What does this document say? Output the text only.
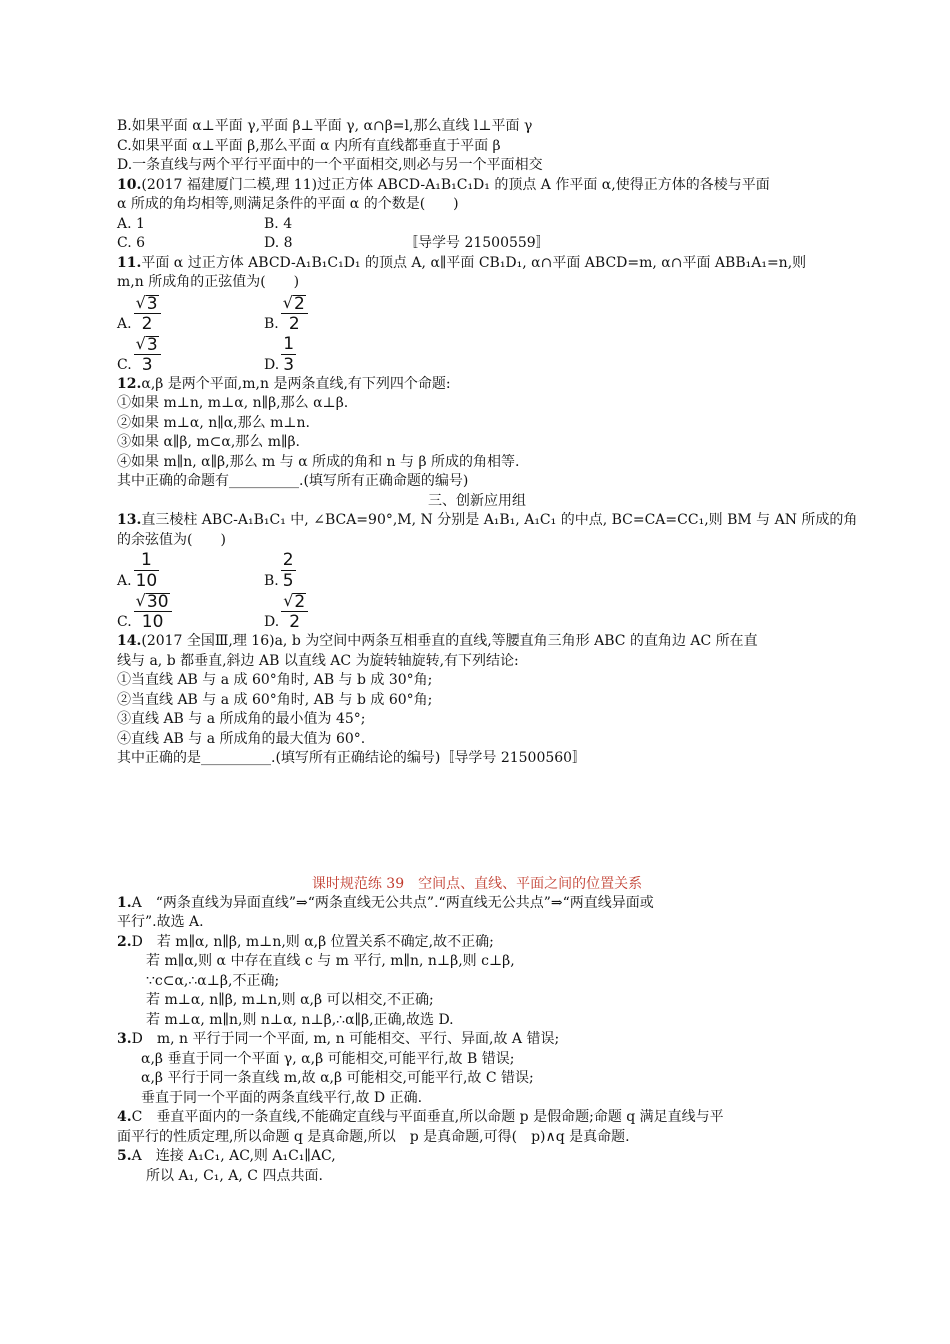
B.如果平面 α⊥平面 γ,平面 β⊥平面 γ, α∩β=l,那么直线 l⊥平面 γ
C.如果平面 α⊥平面 β,那么平面 α 内所有直线都垂直于平面 β
D.一条直线与两个平行平面中的一个平面相交,则必与另一个平面相交
10.(2017 福建厦门二模,理 11)过正方体 ABCD-A₁B₁C₁D₁ 的顶点 A 作平面 α,使得正方体的各棱与平面
α 所成的角均相等,则满足条件的平面 α 的个数是(　　)
A. 1	B. 4
C. 6	D. 8	〚导学号 21500559〛
11.平面 α 过正方体 ABCD-A₁B₁C₁D₁ 的顶点 A, α∥平面 CB₁D₁, α∩平面 ABCD=m, α∩平面 ABB₁A₁=n,则
m,n 所成角的正弦值为(　　)
A. $\frac{√ 3}{2}$	B. $\frac{√ 2}{2}$
C. $\frac{√ 3}{3}$	D. $\frac{1}{3}$
12.α,β 是两个平面,m,n 是两条直线,有下列四个命题:
①如果 m⊥n, m⊥α, n∥β,那么 α⊥β.
②如果 m⊥α, n∥α,那么 m⊥n.
③如果 α∥β, m⊂α,那么 m∥β.
④如果 m∥n, α∥β,那么 m 与 α 所成的角和 n 与 β 所成的角相等.
其中正确的命题有__________.(填写所有正确命题的编号)
三、创新应用组
13.直三棱柱 ABC-A₁B₁C₁ 中, ∠BCA=90°,M, N 分别是 A₁B₁, A₁C₁ 的中点, BC=CA=CC₁,则 BM 与 AN 所成的角
的余弦值为(　　)
A. $\frac{1}{10}$	B. $\frac{2}{5}$
C. $\frac{√ 30}{10}$	D. $\frac{√ 2}{2}$
14.(2017 全国Ⅲ,理 16)a, b 为空间中两条互相垂直的直线,等腰直角三角形 ABC 的直角边 AC 所在直
线与 a, b 都垂直,斜边 AB 以直线 AC 为旋转轴旋转,有下列结论:
①当直线 AB 与 a 成 60°角时, AB 与 b 成 30°角;
②当直线 AB 与 a 成 60°角时, AB 与 b 成 60°角;
③直线 AB 与 a 所成角的最小值为 45°;
④直线 AB 与 a 所成角的最大值为 60°.
其中正确的是__________.(填写所有正确结论的编号)〚导学号 21500560〛
课时规范练 39　空间点、直线、平面之间的位置关系
1.A　“两条直线为异面直线”⇒“两条直线无公共点”.“两直线无公共点”⇒“两直线异面或
平行”.故选 A.
2.D　若 m∥α, n∥β, m⊥n,则 α,β 位置关系不确定,故不正确;
若 m∥α,则 α 中存在直线 c 与 m 平行, m∥n, n⊥β,则 c⊥β,
∵c⊂α,∴α⊥β,不正确;
若 m⊥α, n∥β, m⊥n,则 α,β 可以相交,不正确;
若 m⊥α, m∥n,则 n⊥α, n⊥β,∴α∥β,正确,故选 D.
3.D　m, n 平行于同一个平面, m, n 可能相交、平行、异面,故 A 错误;
α,β 垂直于同一个平面 γ, α,β 可能相交,可能平行,故 B 错误;
α,β 平行于同一条直线 m,故 α,β 可能相交,可能平行,故 C 错误;
垂直于同一个平面的两条直线平行,故 D 正确.
4.C　垂直平面内的一条直线,不能确定直线与平面垂直,所以命题 p 是假命题;命题 q 满足直线与平
面平行的性质定理,所以命题 q 是真命题,所以　p 是真命题,可得(　p)∧q 是真命题.
5.A　连接 A₁C₁, AC,则 A₁C₁∥AC,
所以 A₁, C₁, A, C 四点共面.
